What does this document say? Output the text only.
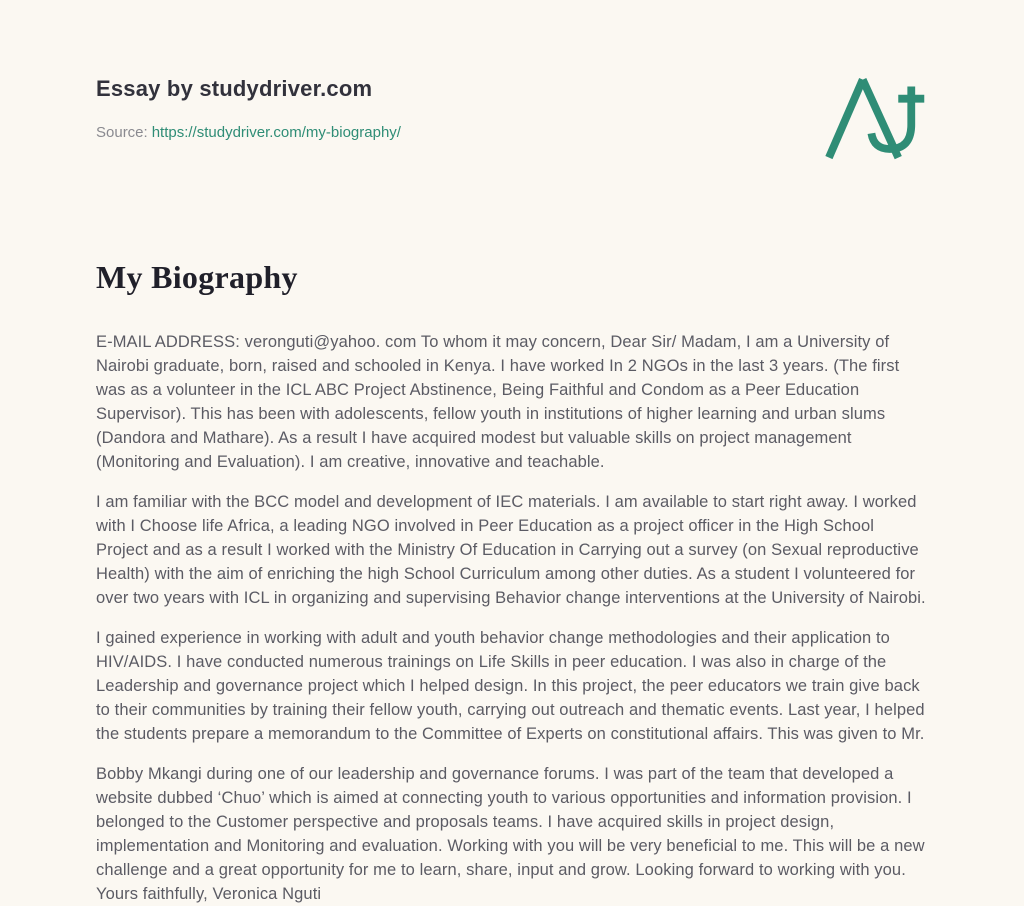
Essay by studydriver.com
Source: https://studydriver.com/my-biography/
My Biography

E-MAIL ADDRESS: veronguti@yahoo. com To whom it may concern, Dear Sir/ Madam, I am a University of Nairobi graduate, born, raised and schooled in Kenya. I have worked In 2 NGOs in the last 3 years. (The first was as a volunteer in the ICL ABC Project Abstinence, Being Faithful and Condom as a Peer Education Supervisor). This has been with adolescents, fellow youth in institutions of higher learning and urban slums (Dandora and Mathare). As a result I have acquired modest but valuable skills on project management (Monitoring and Evaluation). I am creative, innovative and teachable.

I am familiar with the BCC model and development of IEC materials. I am available to start right away. I worked with I Choose life Africa, a leading NGO involved in Peer Education as a project officer in the High School Project and as a result I worked with the Ministry Of Education in Carrying out a survey (on Sexual reproductive Health) with the aim of enriching the high School Curriculum among other duties. As a student I volunteered for over two years with ICL in organizing and supervising Behavior change interventions at the University of Nairobi.

I gained experience in working with adult and youth behavior change methodologies and their application to HIV/AIDS. I have conducted numerous trainings on Life Skills in peer education. I was also in charge of the Leadership and governance project which I helped design. In this project, the peer educators we train give back to their communities by training their fellow youth, carrying out outreach and thematic events. Last year, I helped the students prepare a memorandum to the Committee of Experts on constitutional affairs. This was given to Mr.

Bobby Mkangi during one of our leadership and governance forums. I was part of the team that developed a website dubbed ‘Chuo’ which is aimed at connecting youth to various opportunities and information provision. I belonged to the Customer perspective and proposals teams. I have acquired skills in project design, implementation and Monitoring and evaluation. Working with you will be very beneficial to me. This will be a new challenge and a great opportunity for me to learn, share, input and grow. Looking forward to working with you. Yours faithfully, Veronica Nguti
